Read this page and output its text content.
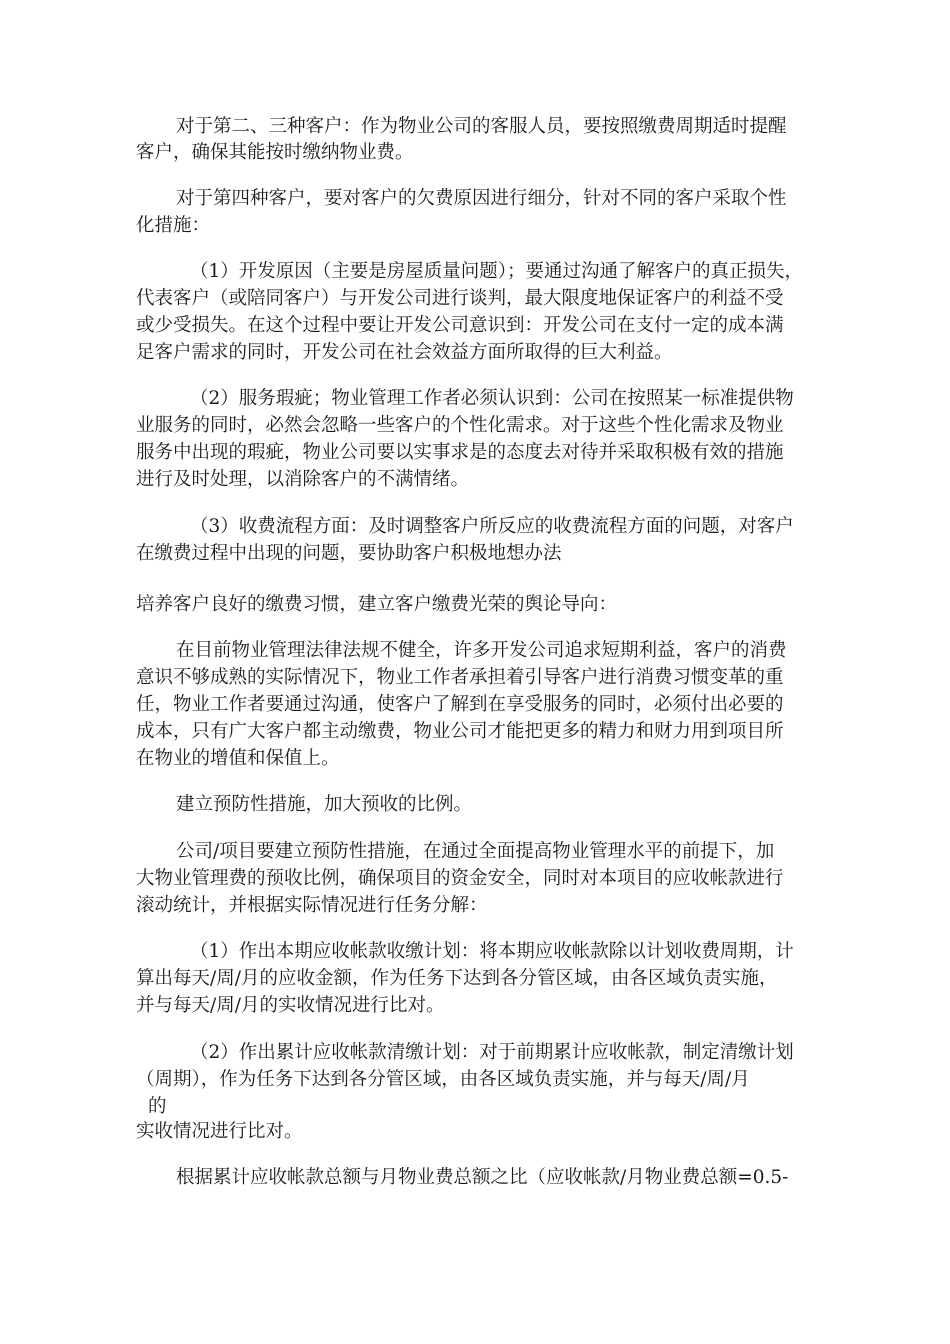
对于第二、三种客户：作为物业公司的客服人员，要按照缴费周期适时提醒

客户，确保其能按时缴纳物业费。

对于第四种客户，要对客户的欠费原因进行细分，针对不同的客户采取个性

化措施：

（1）开发原因（主要是房屋质量问题）；要通过沟通了解客户的真正损失，

代表客户（或陪同客户）与开发公司进行谈判，最大限度地保证客户的利益不受

或少受损失。在这个过程中要让开发公司意识到：开发公司在支付一定的成本满

足客户需求的同时，开发公司在社会效益方面所取得的巨大利益。

（2）服务瑕疵；物业管理工作者必须认识到：公司在按照某一标准提供物

业服务的同时，必然会忽略一些客户的个性化需求。对于这些个性化需求及物业

服务中出现的瑕疵，物业公司要以实事求是的态度去对待并采取积极有效的措施

进行及时处理，以消除客户的不满情绪。

（3）收费流程方面：及时调整客户所反应的收费流程方面的问题，对客户

在缴费过程中出现的问题，要协助客户积极地想办法

培养客户良好的缴费习惯，建立客户缴费光荣的舆论导向：

在目前物业管理法律法规不健全，许多开发公司追求短期利益，客户的消费

意识不够成熟的实际情况下，物业工作者承担着引导客户进行消费习惯变革的重

任，物业工作者要通过沟通，使客户了解到在享受服务的同时，必须付出必要的

成本，只有广大客户都主动缴费，物业公司才能把更多的精力和财力用到项目所

在物业的增值和保值上。

建立预防性措施，加大预收的比例。

公司/项目要建立预防性措施，在通过全面提高物业管理水平的前提下，加

大物业管理费的预收比例，确保项目的资金安全，同时对本项目的应收帐款进行

滚动统计，并根据实际情况进行任务分解：

（1）作出本期应收帐款收缴计划：将本期应收帐款除以计划收费周期，计

算出每天/周/月的应收金额，作为任务下达到各分管区域，由各区域负责实施，

并与每天/周/月的实收情况进行比对。

（2）作出累计应收帐款清缴计划：对于前期累计应收帐款，制定清缴计划

（周期），作为任务下达到各分管区域，由各区域负责实施，并与每天/周/月

的

实收情况进行比对。

根据累计应收帐款总额与月物业费总额之比（应收帐款/月物业费总额=0.5-
